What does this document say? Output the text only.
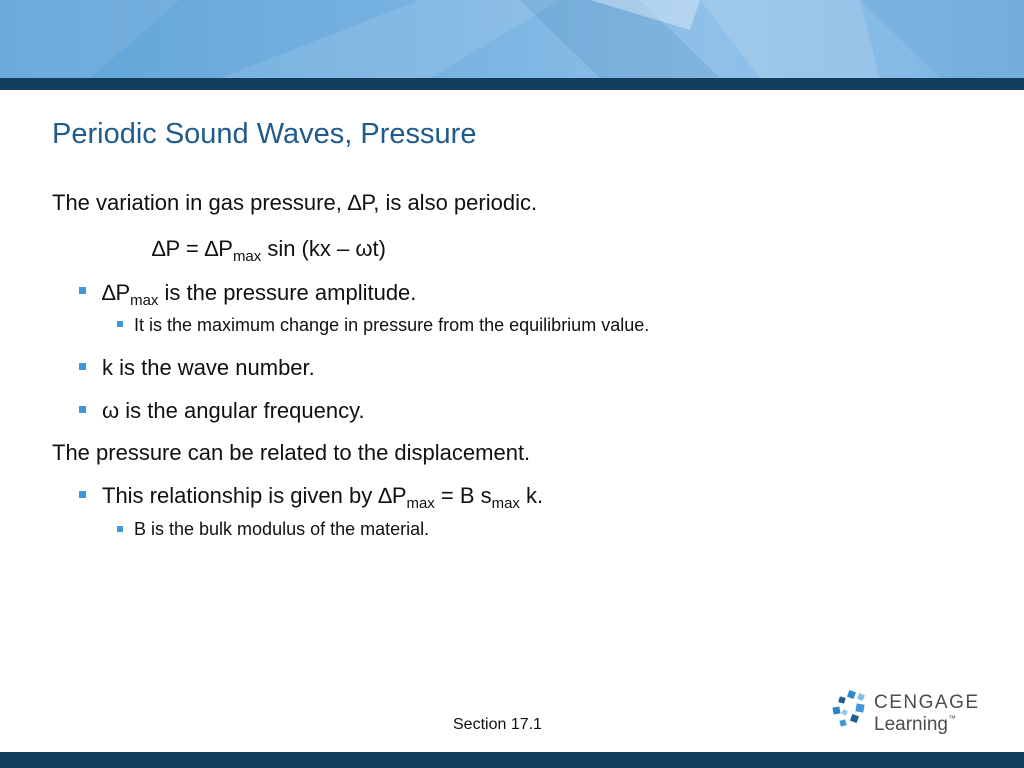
Periodic Sound Waves, Pressure
The variation in gas pressure, ∆P, is also periodic.
$\Delta P = \Delta P_{max}$ sin (kx – ωt)
$\Delta P_{max}$ is the pressure amplitude.
It is the maximum change in pressure from the equilibrium value.
k is the wave number.
ω is the angular frequency.
The pressure can be related to the displacement.
This relationship is given by $\Delta P_{max} = B$ $s_{max}$ k.
B is the bulk modulus of the material.
Section 17.1
CENGAGE
Learning™
